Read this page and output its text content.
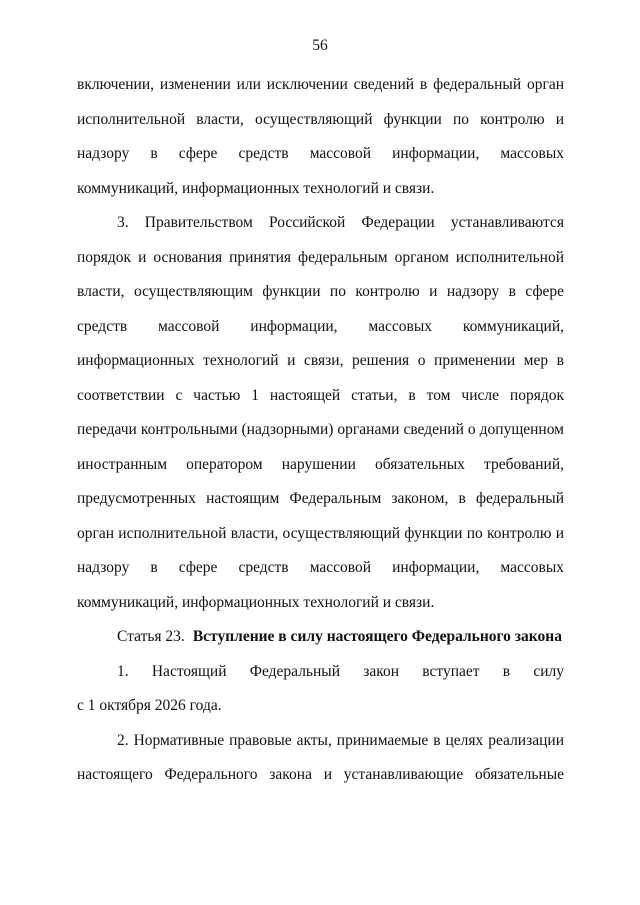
56

включении, изменении или исключении сведений в федеральный орган исполнительной власти, осуществляющий функции по контролю и надзору в сфере средств массовой информации, массовых коммуникаций, информационных технологий и связи.

3. Правительством Российской Федерации устанавливаются порядок и основания принятия федеральным органом исполнительной власти, осуществляющим функции по контролю и надзору в сфере средств массовой информации, массовых коммуникаций, информационных технологий и связи, решения о применении мер в соответствии с частью 1 настоящей статьи, в том числе порядок передачи контрольными (надзорными) органами сведений о допущенном иностранным оператором нарушении обязательных требований, предусмотренных настоящим Федеральным законом, в федеральный орган исполнительной власти, осуществляющий функции по контролю и надзору в сфере средств массовой информации, массовых коммуникаций, информационных технологий и связи.

Статья 23. Вступление в силу настоящего Федерального закона

1. Настоящий Федеральный закон вступает в силу

с 1 октября 2026 года.

2. Нормативные правовые акты, принимаемые в целях реализации настоящего Федерального закона и устанавливающие обязательные
